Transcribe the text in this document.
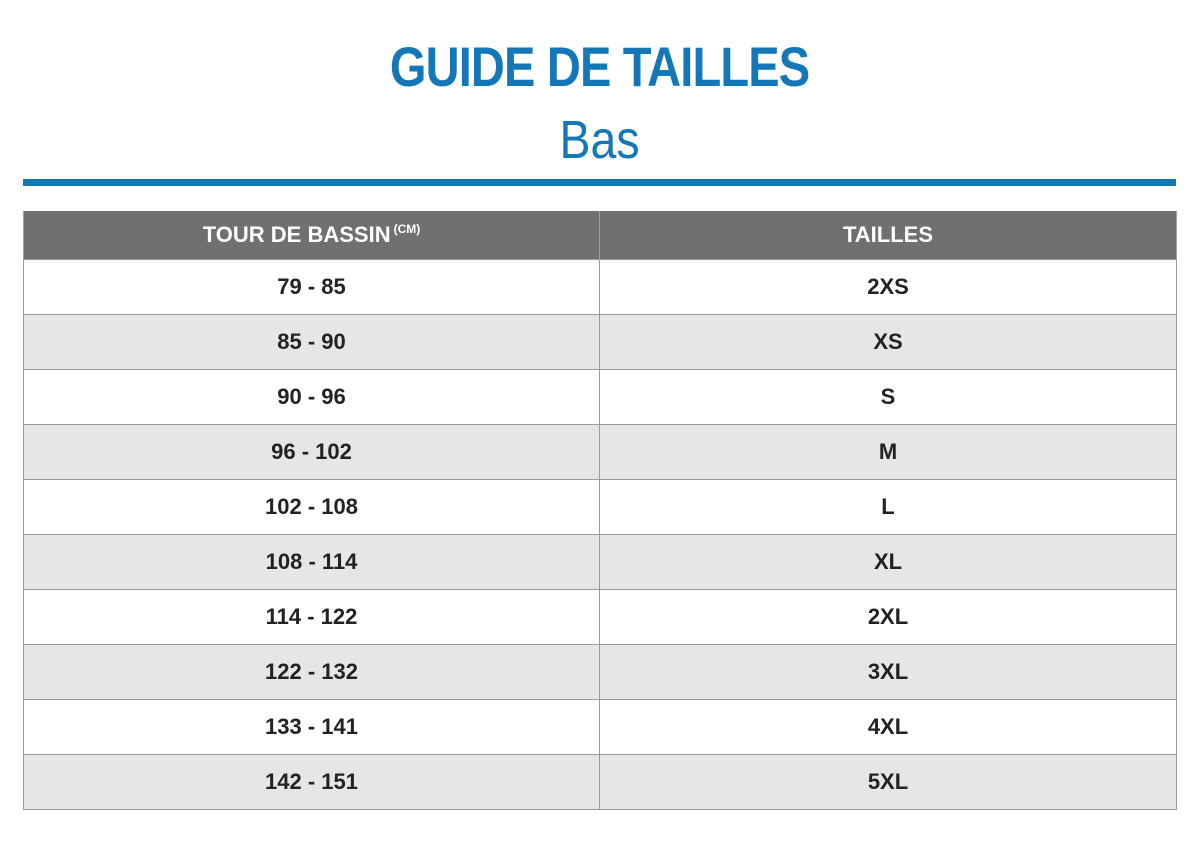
GUIDE DE TAILLES
Bas
TOUR DE BASSIN $^{(CM)}$	TAILLES
79 - 85	2XS
85 - 90	XS
90 - 96	S
96 - 102	M
102 - 108	L
108 - 114	XL
114 - 122	2XL
122 - 132	3XL
133 - 141	4XL
142 - 151	5XL
